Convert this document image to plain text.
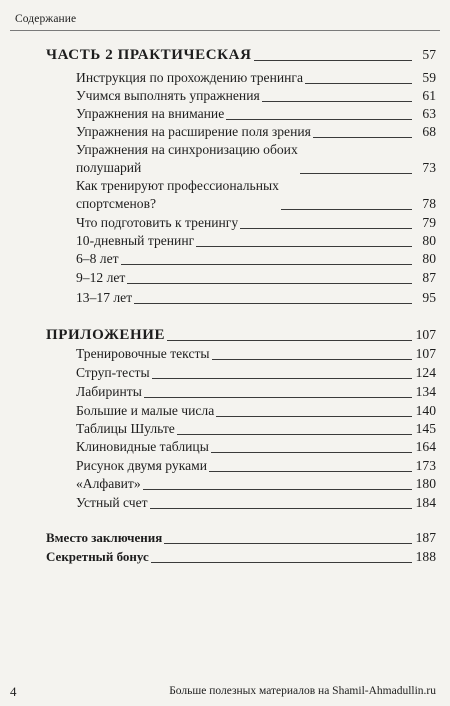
Содержание
ЧАСТЬ 2 ПРАКТИЧЕСКАЯ	57
Инструкция по прохождению тренинга	59
Учимся выполнять упражнения	61
Упражнения на внимание	63
Упражнения на расширение поля зрения	68
Упражнения на синхронизацию обоих
полушарий	73
Как тренируют профессиональных
спортсменов?	78
Что подготовить к тренингу	79
10-дневный тренинг	80
6–8 лет	80
9–12 лет	87
13–17 лет	95
ПРИЛОЖЕНИЕ	107
Тренировочные тексты	107
Струп-тесты	124
Лабиринты	134
Большие и малые числа	140
Таблицы Шульте	145
Клиновидные таблицы	164
Рисунок двумя руками	173
«Алфавит»	180
Устный счет	184
Вместо заключения	187
Секретный бонус	188
4	Больше полезных материалов на Shamil-Ahmadullin.ru
